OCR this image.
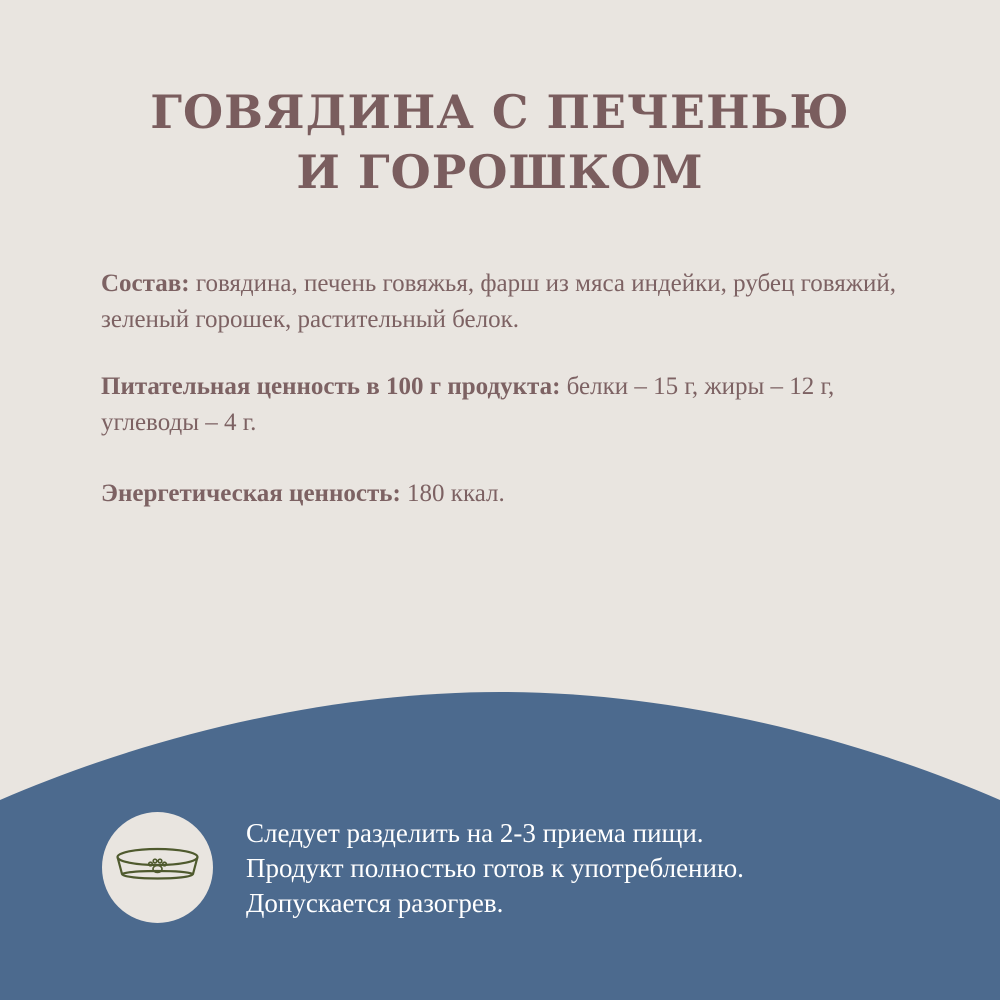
ГОВЯДИНА С ПЕЧЕНЬЮ
И ГОРОШКОМ
Состав: говядина, печень говяжья, фарш из мяса индейки, рубец говяжий, зеленый горошек, растительный белок.
Питательная ценность в 100 г продукта: белки – 15 г, жиры – 12 г, углеводы – 4 г.
Энергетическая ценность: 180 ккал.
Следует разделить на 2-3 приема пищи.
Продукт полностью готов к употреблению.
Допускается разогрев.
